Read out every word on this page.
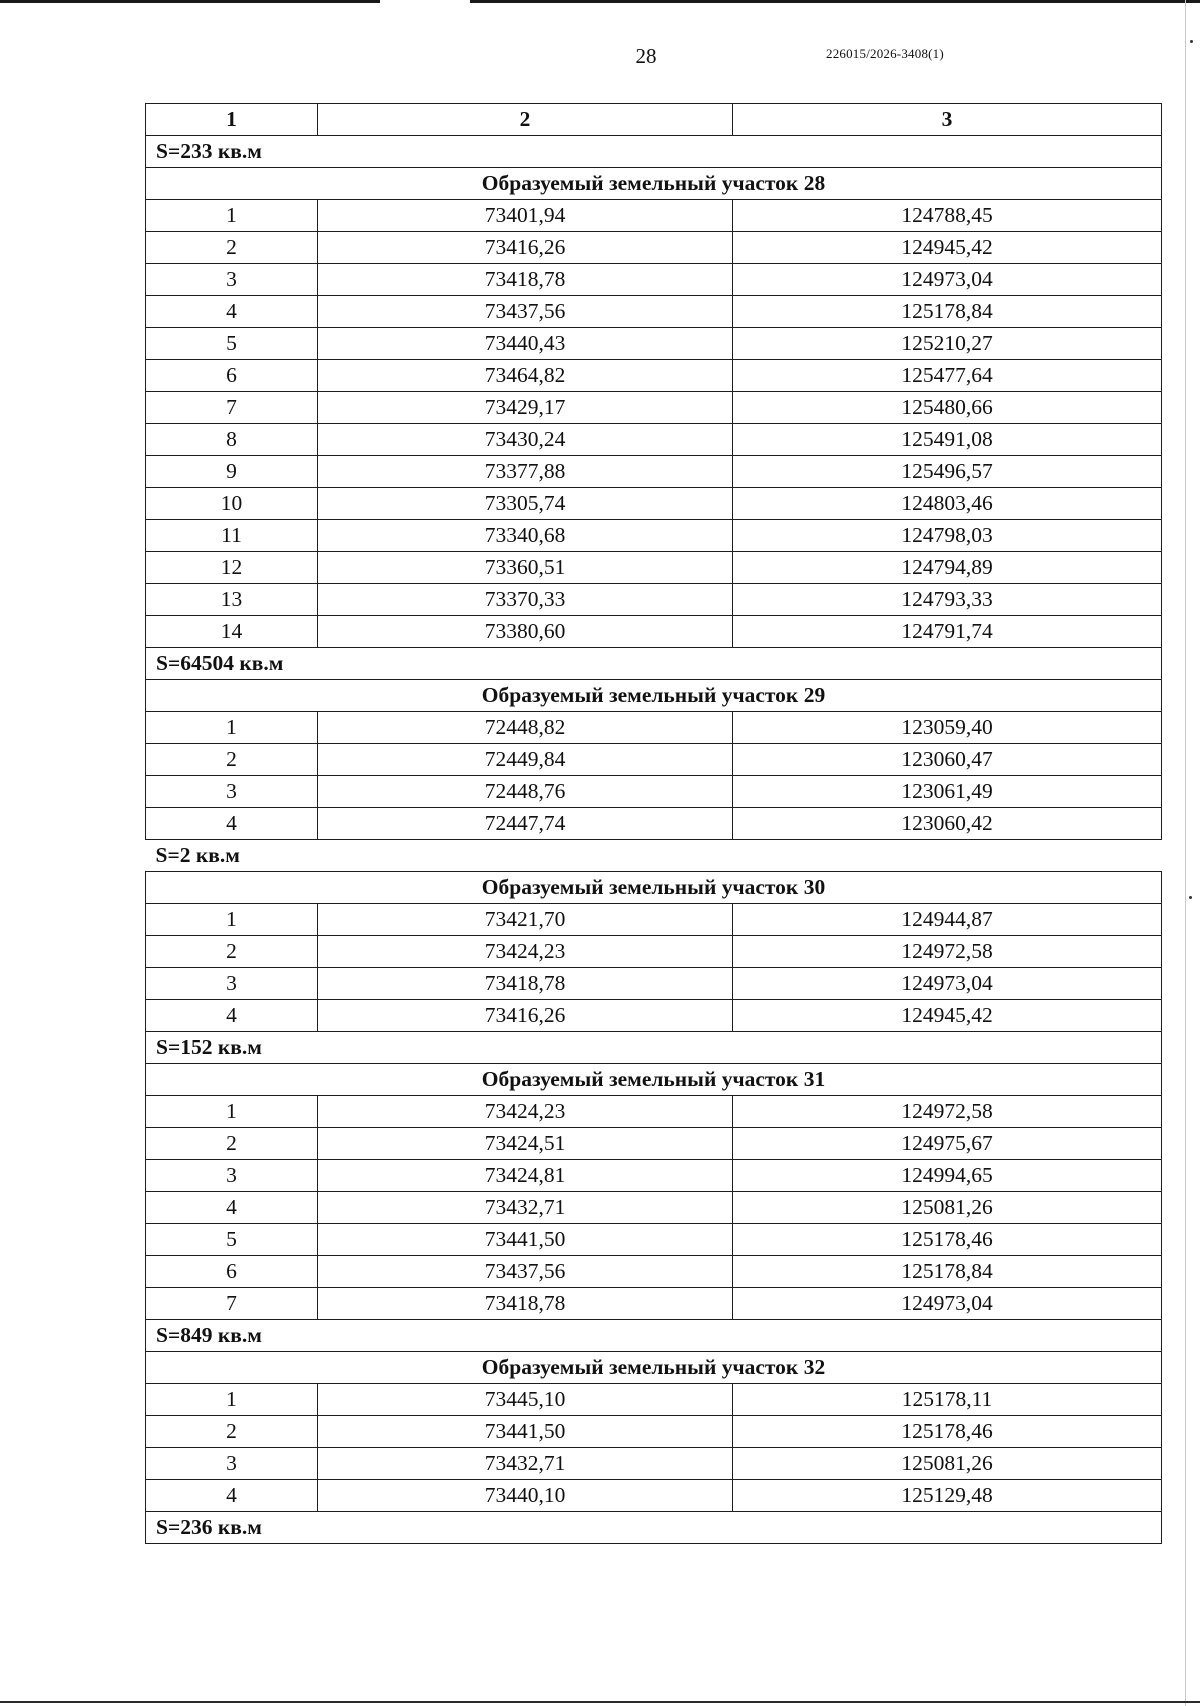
28	226015/2026-3408(1)
1	2	3
S=233 кв.м		
Образуемый земельный участок 28		
1	73401,94	124788,45
2	73416,26	124945,42
3	73418,78	124973,04
4	73437,56	125178,84
5	73440,43	125210,27
6	73464,82	125477,64
7	73429,17	125480,66
8	73430,24	125491,08
9	73377,88	125496,57
10	73305,74	124803,46
11	73340,68	124798,03
12	73360,51	124794,89
13	73370,33	124793,33
14	73380,60	124791,74
S=64504 кв.м		
Образуемый земельный участок 29		
1	72448,82	123059,40
2	72449,84	123060,47
3	72448,76	123061,49
4	72447,74	123060,42
S=2 кв.м		
Образуемый земельный участок 30		
1	73421,70	124944,87
2	73424,23	124972,58
3	73418,78	124973,04
4	73416,26	124945,42
S=152 кв.м		
Образуемый земельный участок 31		
1	73424,23	124972,58
2	73424,51	124975,67
3	73424,81	124994,65
4	73432,71	125081,26
5	73441,50	125178,46
6	73437,56	125178,84
7	73418,78	124973,04
S=849 кв.м		
Образуемый земельный участок 32		
1	73445,10	125178,11
2	73441,50	125178,46
3	73432,71	125081,26
4	73440,10	125129,48
S=236 кв.м		
